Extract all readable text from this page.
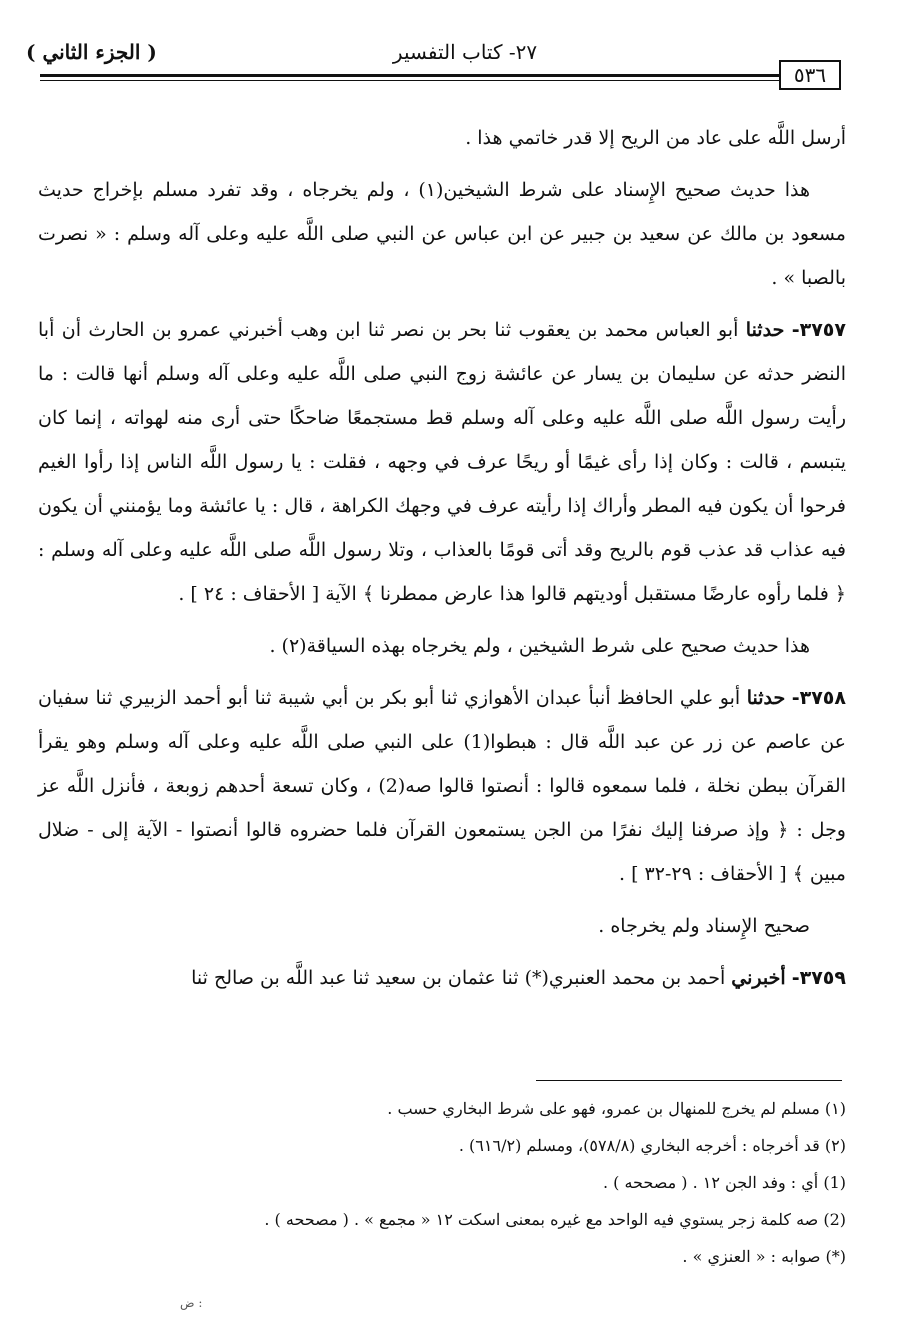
( الجزء الثاني )	٢٧- كتاب التفسير
٥٣٦

أرسل اللَّه على عاد من الريح إلا قدر خاتمي هذا .

هذا حديث صحيح الإِسناد على شرط الشيخين(١) ، ولم يخرجاه ، وقد تفرد مسلم بإخراج حديث مسعود بن مالك عن سعيد بن جبير عن ابن عباس عن النبي صلى اللَّه عليه وعلى آله وسلم : « نصرت بالصبا » .

٣٧٥٧- حدثنا أبو العباس محمد بن يعقوب ثنا بحر بن نصر ثنا ابن وهب أخبرني عمرو بن الحارث أن أبا النضر حدثه عن سليمان بن يسار عن عائشة زوج النبي صلى اللَّه عليه وعلى آله وسلم أنها قالت : ما رأيت رسول اللَّه صلى اللَّه عليه وعلى آله وسلم قط مستجمعًا ضاحكًا حتى أرى منه لهواته ، إنما كان يتبسم ، قالت : وكان إذا رأى غيمًا أو ريحًا عرف في وجهه ، فقلت : يا رسول اللَّه الناس إذا رأوا الغيم فرحوا أن يكون فيه المطر وأراك إذا رأيته عرف في وجهك الكراهة ، قال : يا عائشة وما يؤمنني أن يكون فيه عذاب قد عذب قوم بالريح وقد أتى قومًا بالعذاب ، وتلا رسول اللَّه صلى اللَّه عليه وعلى آله وسلم : ﴿ فلما رأوه عارضًا مستقبل أوديتهم قالوا هذا عارض ممطرنا ﴾ الآية [ الأحقاف : ٢٤ ] .

هذا حديث صحيح على شرط الشيخين ، ولم يخرجاه بهذه السياقة(٢) .

٣٧٥٨- حدثنا أبو علي الحافظ أنبأ عبدان الأهوازي ثنا أبو بكر بن أبي شيبة ثنا أبو أحمد الزبيري ثنا سفيان عن عاصم عن زر عن عبد اللَّه قال : هبطوا(1) على النبي صلى اللَّه عليه وعلى آله وسلم وهو يقرأ القرآن ببطن نخلة ، فلما سمعوه قالوا : أنصتوا قالوا صه(2) ، وكان تسعة أحدهم زوبعة ، فأنزل اللَّه عز وجل : ﴿ وإذ صرفنا إليك نفرًا من الجن يستمعون القرآن فلما حضروه قالوا أنصتوا - الآية إلى - ضلال مبين ﴾ [ الأحقاف : ٢٩-٣٢ ] .

صحيح الإِسناد ولم يخرجاه .

٣٧٥٩- أخبرني أحمد بن محمد العنبري(*) ثنا عثمان بن سعيد ثنا عبد اللَّه بن صالح ثنا

(١) مسلم لم يخرج للمنهال بن عمرو، فهو على شرط البخاري حسب .
(٢) قد أخرجاه : أخرجه البخاري (٥٧٨/٨)، ومسلم (٦١٦/٢) .
(1) أي : وفد الجن ١٢ . ( مصححه ) .
(2) صه كلمة زجر يستوي فيه الواحد مع غيره بمعنى اسكت ١٢ « مجمع » . ( مصححه ) .
(*) صوابه : « العنزي » .
ض :
